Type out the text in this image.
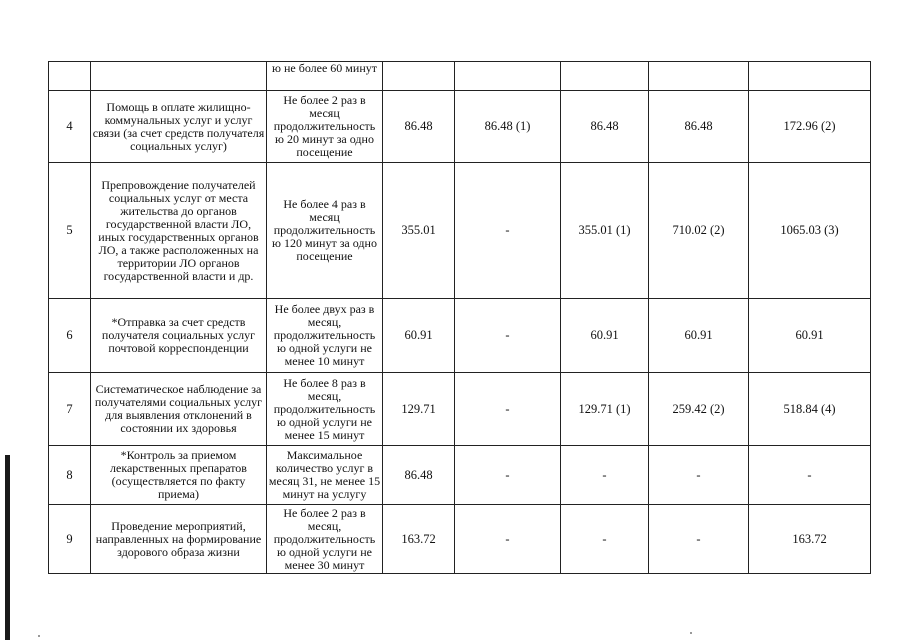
		ю не более 60 минут					
4	Помощь в оплате жилищно-коммунальных услуг и услуг связи (за счет средств получателя социальных услуг)	Не более 2 раз в месяц продолжительность ю 20 минут за одно посещение	86.48	86.48 (1)	86.48	86.48	172.96 (2)
5	Препровождение получателей социальных услуг от места жительства до органов государственной власти ЛО, иных государственных органов ЛО, а также расположенных на территории ЛО органов государственной власти и др.	Не более 4 раз в месяц продолжительность ю 120 минут за одно посещение	355.01	-	355.01 (1)	710.02 (2)	1065.03 (3)
6	*Отправка за счет средств получателя социальных услуг почтовой корреспонденции	Не более двух раз в месяц, продолжительность ю одной услуги не менее 10 минут	60.91	-	60.91	60.91	60.91
7	Систематическое наблюдение за получателями социальных услуг для выявления отклонений в состоянии их здоровья	Не более 8 раз в месяц, продолжительность ю одной услуги не менее 15 минут	129.71	-	129.71 (1)	259.42 (2)	518.84 (4)
8	*Контроль за приемом лекарственных препаратов (осуществляется по факту приема)	Максимальное количество услуг в месяц 31, не менее 15 минут на услугу	86.48	-	-	-	-
9	Проведение мероприятий, направленных на формирование здорового образа жизни	Не более 2 раз в месяц, продолжительность ю одной услуги не менее 30 минут	163.72	-	-	-	163.72
